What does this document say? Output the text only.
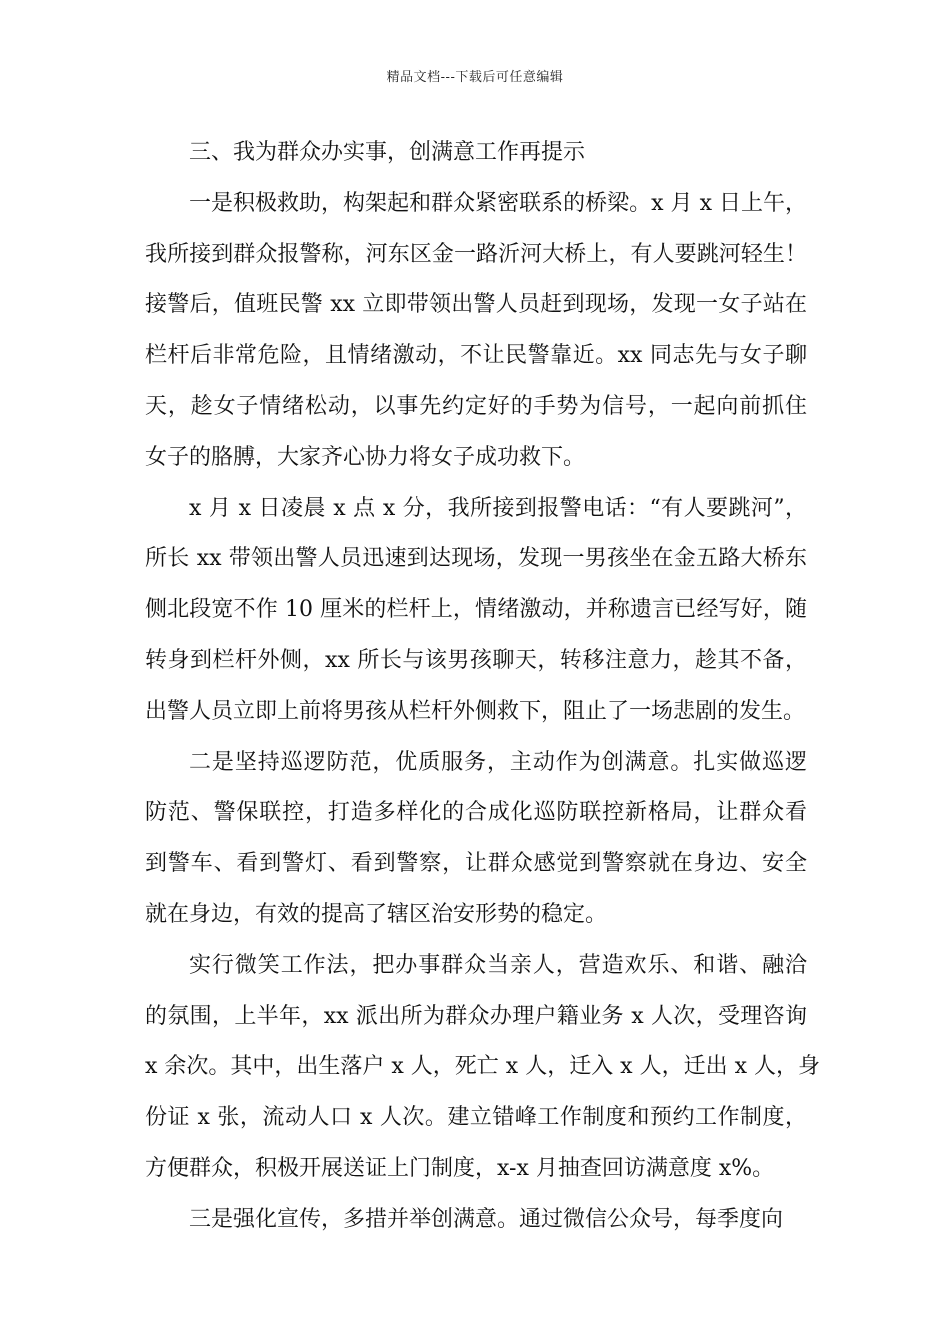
精品文档---下载后可任意编辑
三、我为群众办实事，创满意工作再提示

一是积极救助，构架起和群众紧密联系的桥梁。x 月 x 日上午，
我所接到群众报警称，河东区金一路沂河大桥上，有人要跳河轻生！
接警后，值班民警 xx 立即带领出警人员赶到现场，发现一女子站在
栏杆后非常危险，且情绪激动，不让民警靠近。xx 同志先与女子聊
天，趁女子情绪松动，以事先约定好的手势为信号，一起向前抓住
女子的胳膊，大家齐心协力将女子成功救下。

x 月 x 日凌晨 x 点 x 分，我所接到报警电话：“有人要跳河”，
所长 xx 带领出警人员迅速到达现场，发现一男孩坐在金五路大桥东
侧北段宽不作 10 厘米的栏杆上，情绪激动，并称遗言已经写好，随
转身到栏杆外侧，xx 所长与该男孩聊天，转移注意力，趁其不备，
出警人员立即上前将男孩从栏杆外侧救下，阻止了一场悲剧的发生。

二是坚持巡逻防范，优质服务，主动作为创满意。扎实做巡逻
防范、警保联控，打造多样化的合成化巡防联控新格局，让群众看
到警车、看到警灯、看到警察，让群众感觉到警察就在身边、安全
就在身边，有效的提高了辖区治安形势的稳定。

实行微笑工作法，把办事群众当亲人，营造欢乐、和谐、融洽
的氛围，上半年，xx 派出所为群众办理户籍业务 x 人次，受理咨询
x 余次。其中，出生落户 x 人，死亡 x 人，迁入 x 人，迁出 x 人，身
份证 x 张，流动人口 x 人次。建立错峰工作制度和预约工作制度，
方便群众，积极开展送证上门制度，x-x 月抽查回访满意度 x%。

三是强化宣传，多措并举创满意。通过微信公众号，每季度向
